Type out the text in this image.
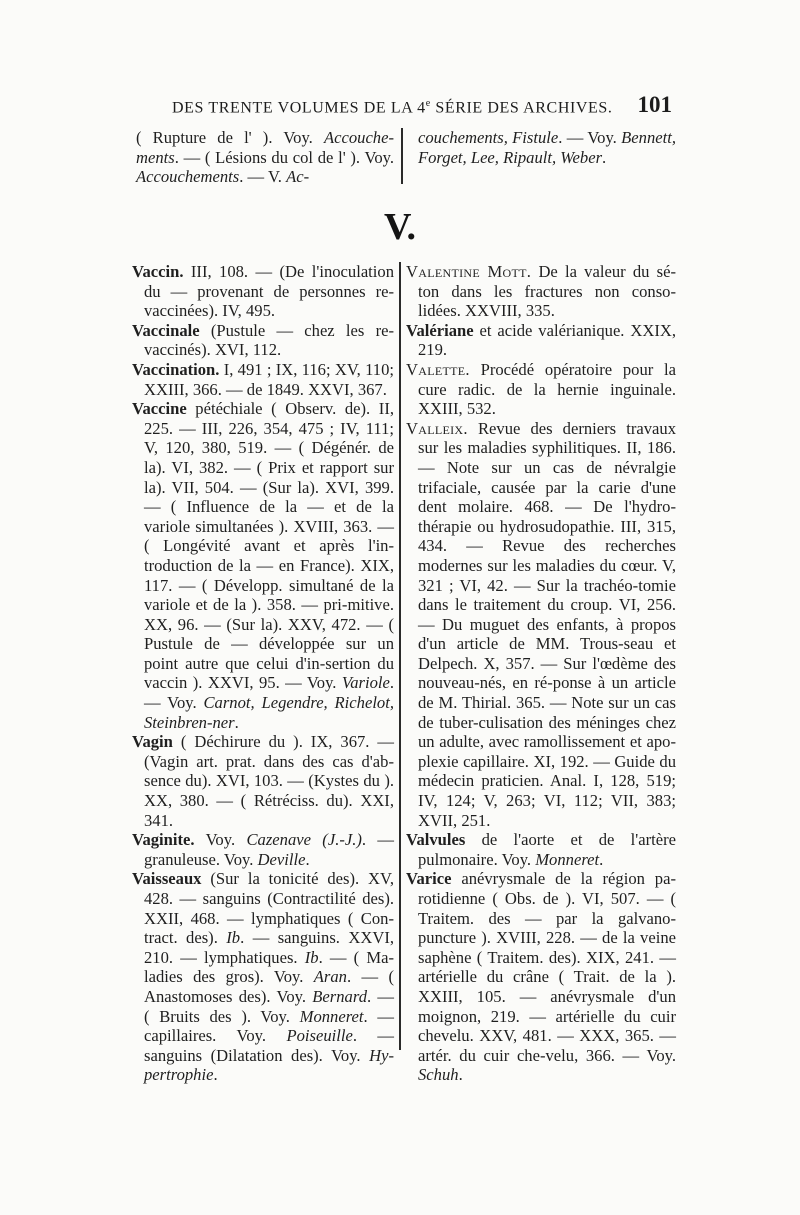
DES TRENTE VOLUMES DE LA 4e SÉRIE DES ARCHIVES. 101
( Rupture de l' ). Voy. Accouche-ments. — ( Lésions du col de l' ). Voy. Accouchements. — V. Ac-
couchements, Fistule. — Voy. Bennett, Forget, Lee, Ripault, Weber.
V.
Vaccin. III, 108. — (De l'inoculation du — provenant de personnes re-vaccinées). IV, 495.
Vaccinale (Pustule — chez les re-vaccinés). XVI, 112.
Vaccination. I, 491 ; IX, 116; XV, 110; XXIII, 366. — de 1849. XXVI, 367.
Vaccine pétéchiale ( Observ. de). II, 225. — III, 226, 354, 475 ; IV, 111; V, 120, 380, 519. — ( Dégénér. de la). VI, 382. — ( Prix et rapport sur la). VII, 504. — (Sur la). XVI, 399. — ( Influence de la — et de la variole simultanées ). XVIII, 363. — ( Longévité avant et après l'in-troduction de la — en France). XIX, 117. — ( Développ. simultané de la variole et de la ). 358. — pri-mitive. XX, 96. — (Sur la). XXV, 472. — ( Pustule de — développée sur un point autre que celui d'in-sertion du vaccin ). XXVI, 95. — Voy. Variole. — Voy. Carnot, Legendre, Richelot, Steinbren-ner.
Vagin ( Déchirure du ). IX, 367. — (Vagin art. prat. dans des cas d'ab-sence du). XVI, 103. — (Kystes du ). XX, 380. — ( Rétréciss. du). XXI, 341.
Vaginite. Voy. Cazenave (J.-J.). — granuleuse. Voy. Deville.
Vaisseaux (Sur la tonicité des). XV, 428. — sanguins (Contractilité des). XXII, 468. — lymphatiques ( Con-tract. des). Ib. — sanguins. XXVI, 210. — lymphatiques. Ib. — ( Ma-ladies des gros). Voy. Aran. — ( Anastomoses des). Voy. Bernard. — ( Bruits des ). Voy. Monneret. — capillaires. Voy. Poiseuille. — sanguins (Dilatation des). Voy. Hy-pertrophie.
Valentine Mott. De la valeur du sé-ton dans les fractures non conso-lidées. XXVIII, 335.
Valériane et acide valérianique. XXIX, 219.
Valette. Procédé opératoire pour la cure radic. de la hernie inguinale. XXIII, 532.
Valleix. Revue des derniers travaux sur les maladies syphilitiques. II, 186.— Note sur un cas de névralgie trifaciale, causée par la carie d'une dent molaire. 468. — De l'hydro-thérapie ou hydrosudopathie. III, 315, 434. — Revue des recherches modernes sur les maladies du cœur. V, 321 ; VI, 42. — Sur la trachéo-tomie dans le traitement du croup. VI, 256. — Du muguet des enfants, à propos d'un article de MM. Trous-seau et Delpech. X, 357. — Sur l'œdème des nouveau-nés, en ré-ponse à un article de M. Thirial. 365. — Note sur un cas de tuber-culisation des méninges chez un adulte, avec ramollissement et apo-plexie capillaire. XI, 192. — Guide du médecin praticien. Anal. I, 128, 519; IV, 124; V, 263; VI, 112; VII, 383; XVII, 251.
Valvules de l'aorte et de l'artère pulmonaire. Voy. Monneret.
Varice anévrysmale de la région pa-rotidienne ( Obs. de ). VI, 507. — ( Traitem. des — par la galvano-puncture ). XVIII, 228. — de la veine saphène ( Traitem. des). XIX, 241. — artérielle du crâne ( Trait. de la ). XXIII, 105. — anévrysmale d'un moignon, 219. — artérielle du cuir chevelu. XXV, 481. — XXX, 365. — artér. du cuir che-velu, 366. — Voy. Schuh.
